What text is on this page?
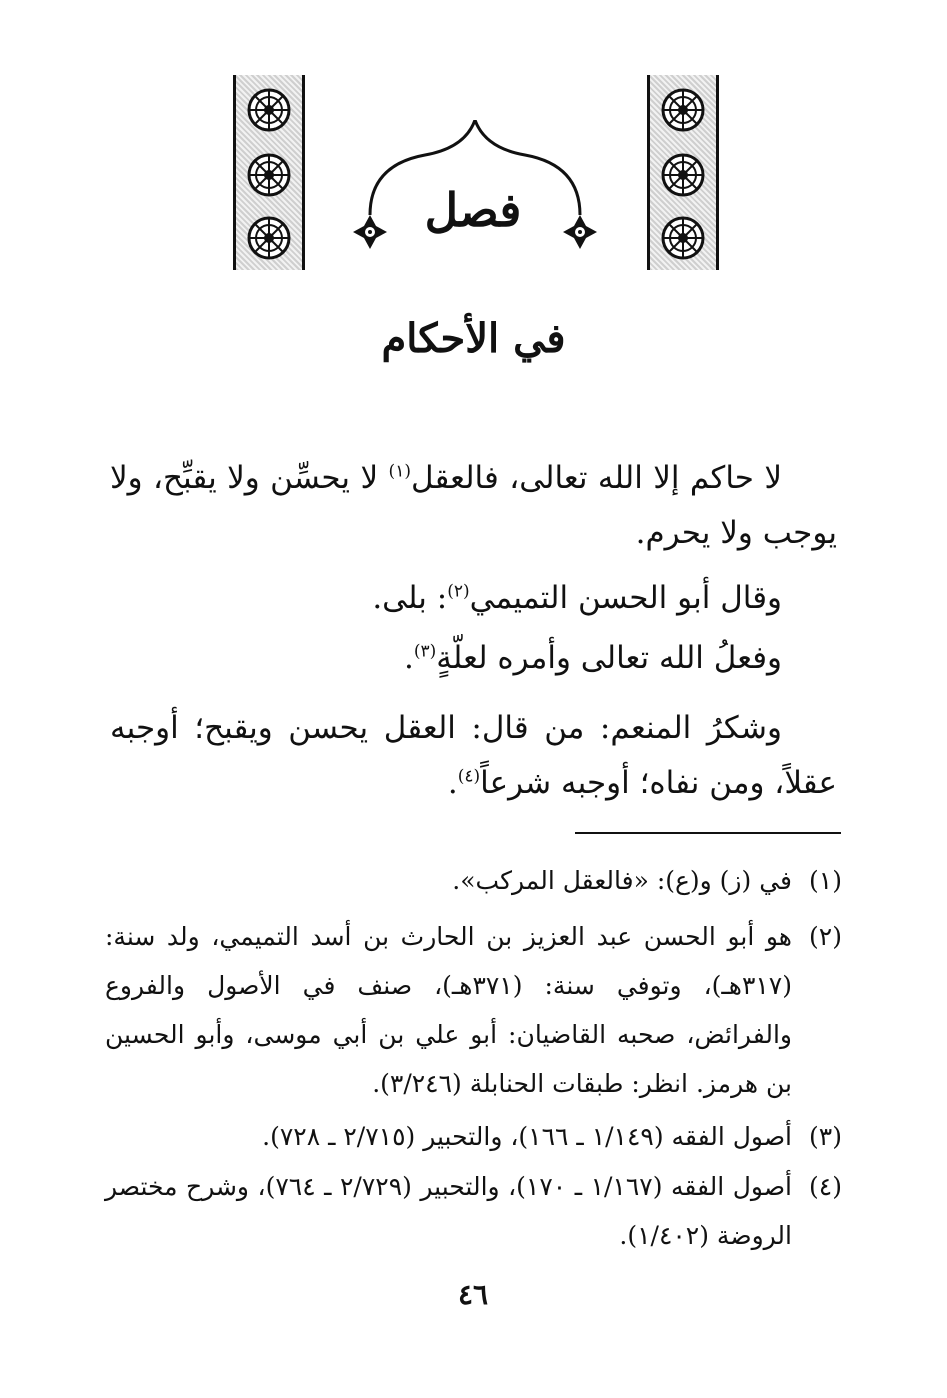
فصل
في الأحكام

لا حاكم إلا الله تعالى، فالعقل$^{(١)}$ لا يحسِّن ولا يقبِّح، ولا يوجب ولا يحرم.

وقال أبو الحسن التميمي$^{(٢)}$: بلى.

وفعلُ الله تعالى وأمره لعلّةٍ$^{(٣)}$.

وشكرُ المنعم: من قال: العقل يحسن ويقبح؛ أوجبه عقلاً، ومن نفاه؛ أوجبه شرعاً$^{(٤)}$.

(١)
في (ز) و(ع): «فالعقل المركب».
(٢)
هو أبو الحسن عبد العزيز بن الحارث بن أسد التميمي، ولد سنة: (٣١٧هـ)، وتوفي سنة: (٣٧١هـ)، صنف في الأصول والفروع والفرائض، صحبه القاضيان: أبو علي بن أبي موسى، وأبو الحسين بن هرمز. انظر: طبقات الحنابلة (٣/٢٤٦).
(٣)
أصول الفقه (١/١٤٩ ـ ١٦٦)، والتحبير (٢/٧١٥ ـ ٧٢٨).
(٤)
أصول الفقه (١/١٦٧ ـ ١٧٠)، والتحبير (٢/٧٢٩ ـ ٧٦٤)، وشرح مختصر الروضة (١/٤٠٢).

٤٦
